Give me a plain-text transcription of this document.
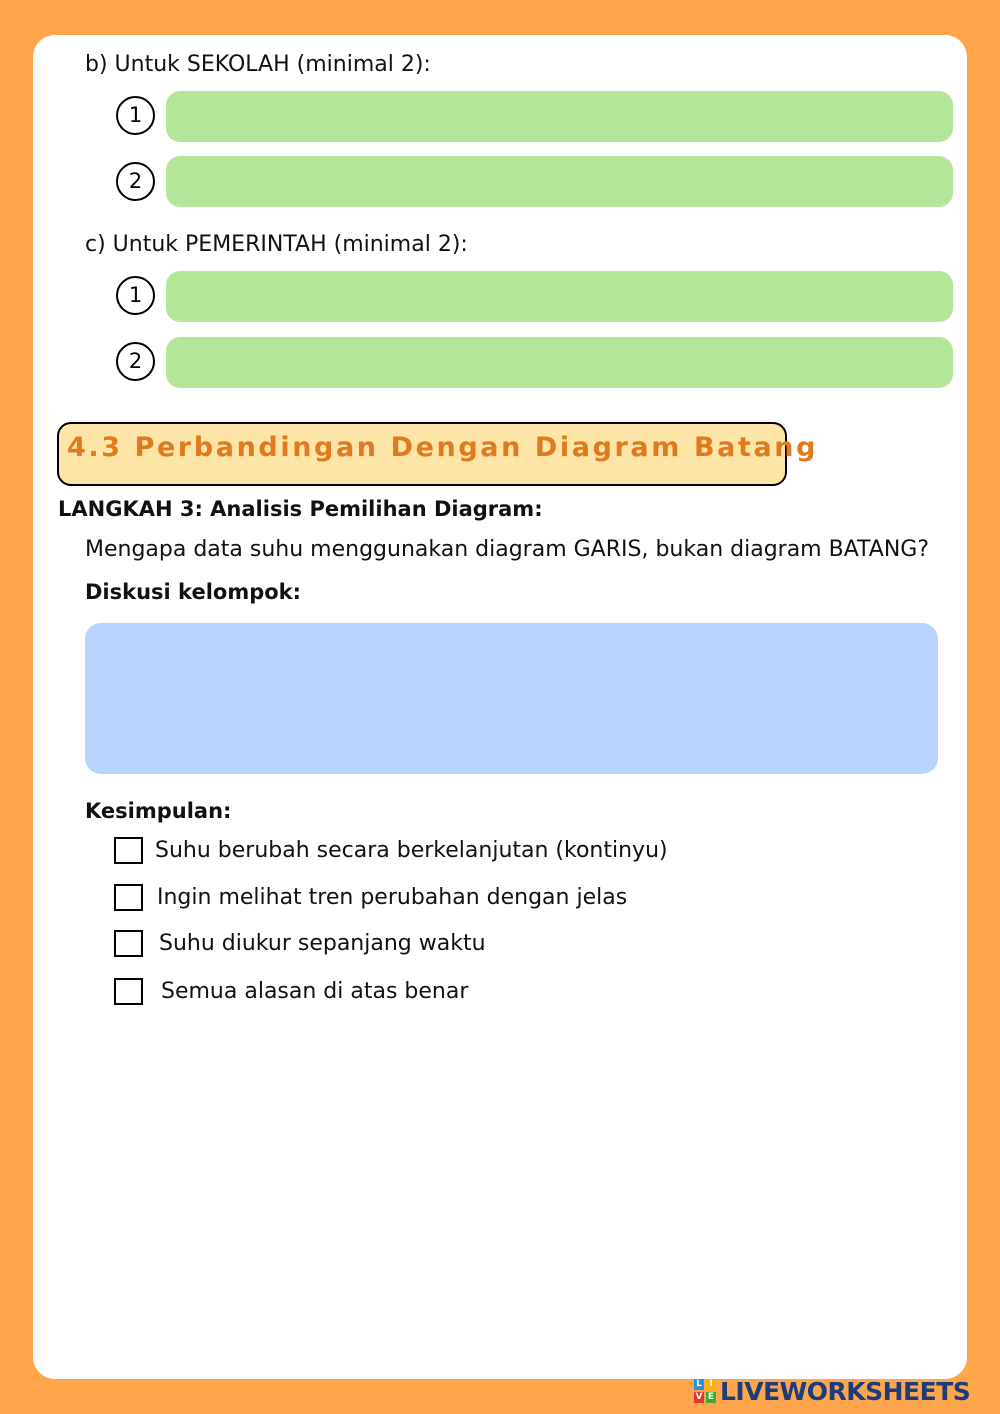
b) Untuk SEKOLAH (minimal 2):
1
2
c) Untuk PEMERINTAH (minimal 2):
1
2
4.3 Perbandingan Dengan Diagram Batang
LANGKAH 3: Analisis Pemilihan Diagram:
Mengapa data suhu menggunakan diagram GARIS, bukan diagram BATANG?
Diskusi kelompok:
Kesimpulan:
Suhu berubah secara berkelanjutan (kontinyu)
Ingin melihat tren perubahan dengan jelas
Suhu diukur sepanjang waktu
Semua alasan di atas benar
L I
V E LIVEWORKSHEETS
